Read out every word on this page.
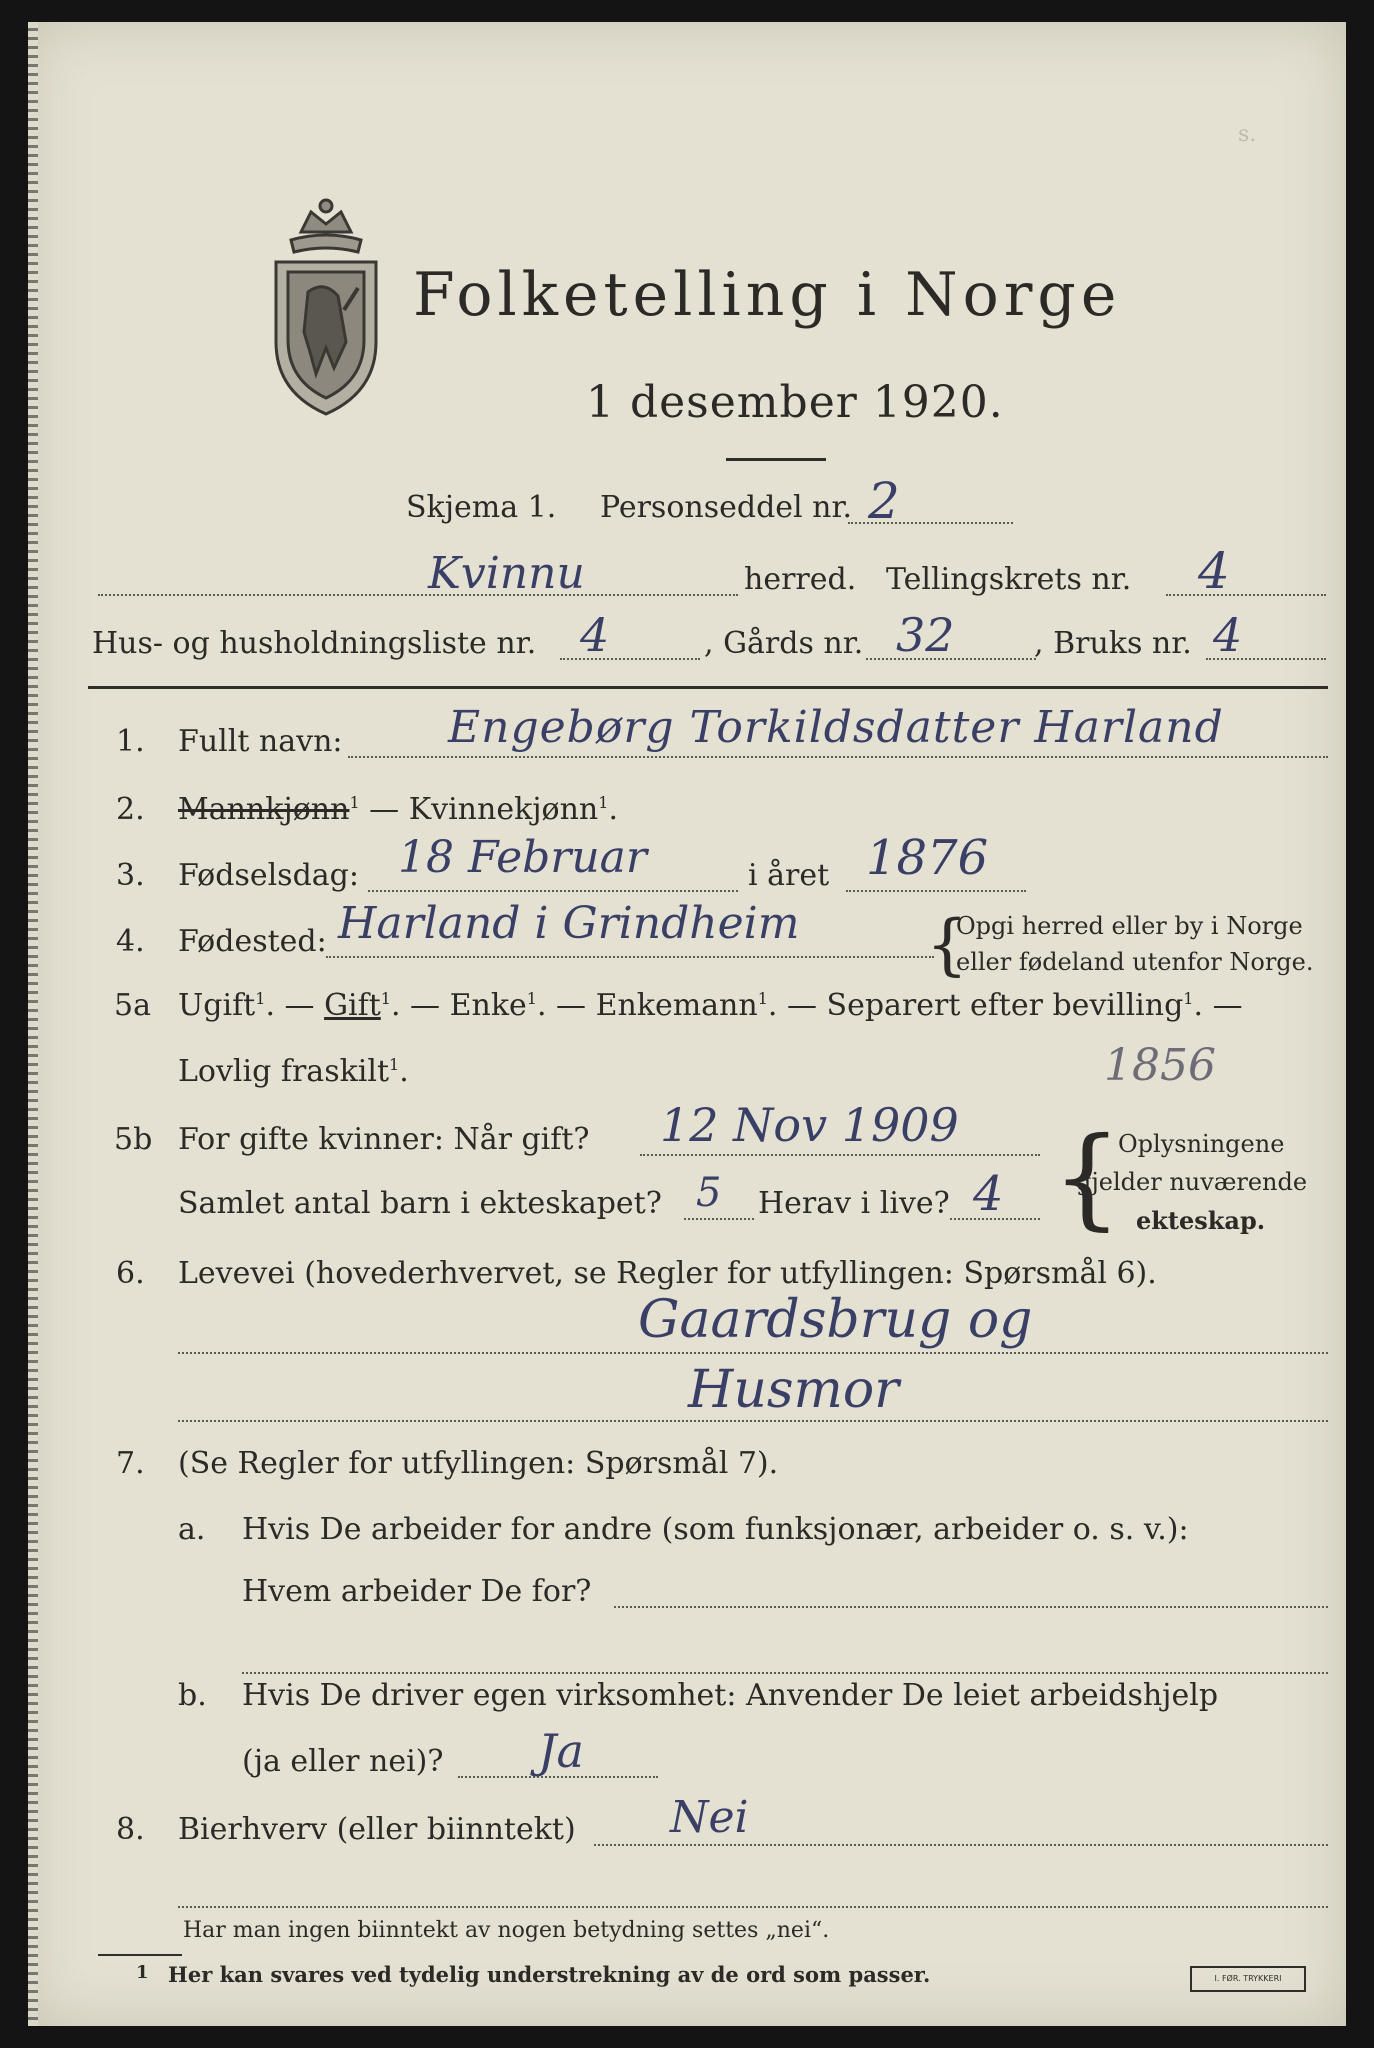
s.
Folketelling i Norge
1 desember 1920.
Skjema 1. Personseddel nr. 2
Kvinnu	herred. Tellingskrets nr. 4
Hus- og husholdningsliste nr. 4	, Gårds nr. 32	, Bruks nr. 4
1. Fullt navn: Engebørg Torkildsdatter Harland
2. Mannkjønn$^1$ — Kvinnekjønn$^1$.
3. Fødselsdag: 18 Februar	i året 1876
4. Fødested: Harland i Grindheim {
Opgi herred eller by i Norge
eller fødeland utenfor Norge.
5a Ugift$^1$. — Gift$^1$. — Enke$^1$. — Enkemann$^1$. — Separert efter bevilling$^1$. —
Lovlig fraskilt$^1$.	1856
5b For gifte kvinner: Når gift? 12 Nov 1909
Samlet antal barn i ekteskapet? 5 Herav i live? 4 {
Oplysningene
gjelder nuværende
ekteskap.
6. Levevei (hovederhvervet, se Regler for utfyllingen: Spørsmål 6).
Gaardsbrug og
Husmor
7. (Se Regler for utfyllingen: Spørsmål 7).
a. Hvis De arbeider for andre (som funksjonær, arbeider o. s. v.):
Hvem arbeider De for?
b. Hvis De driver egen virksomhet: Anvender De leiet arbeidshjelp
(ja eller nei)? Ja
8. Bierhverv (eller biinntekt) Nei
Har man ingen biinntekt av nogen betydning settes „nei“.
1 Her kan svares ved tydelig understrekning av de ord som passer.	I. FØR. TRYKKERI
